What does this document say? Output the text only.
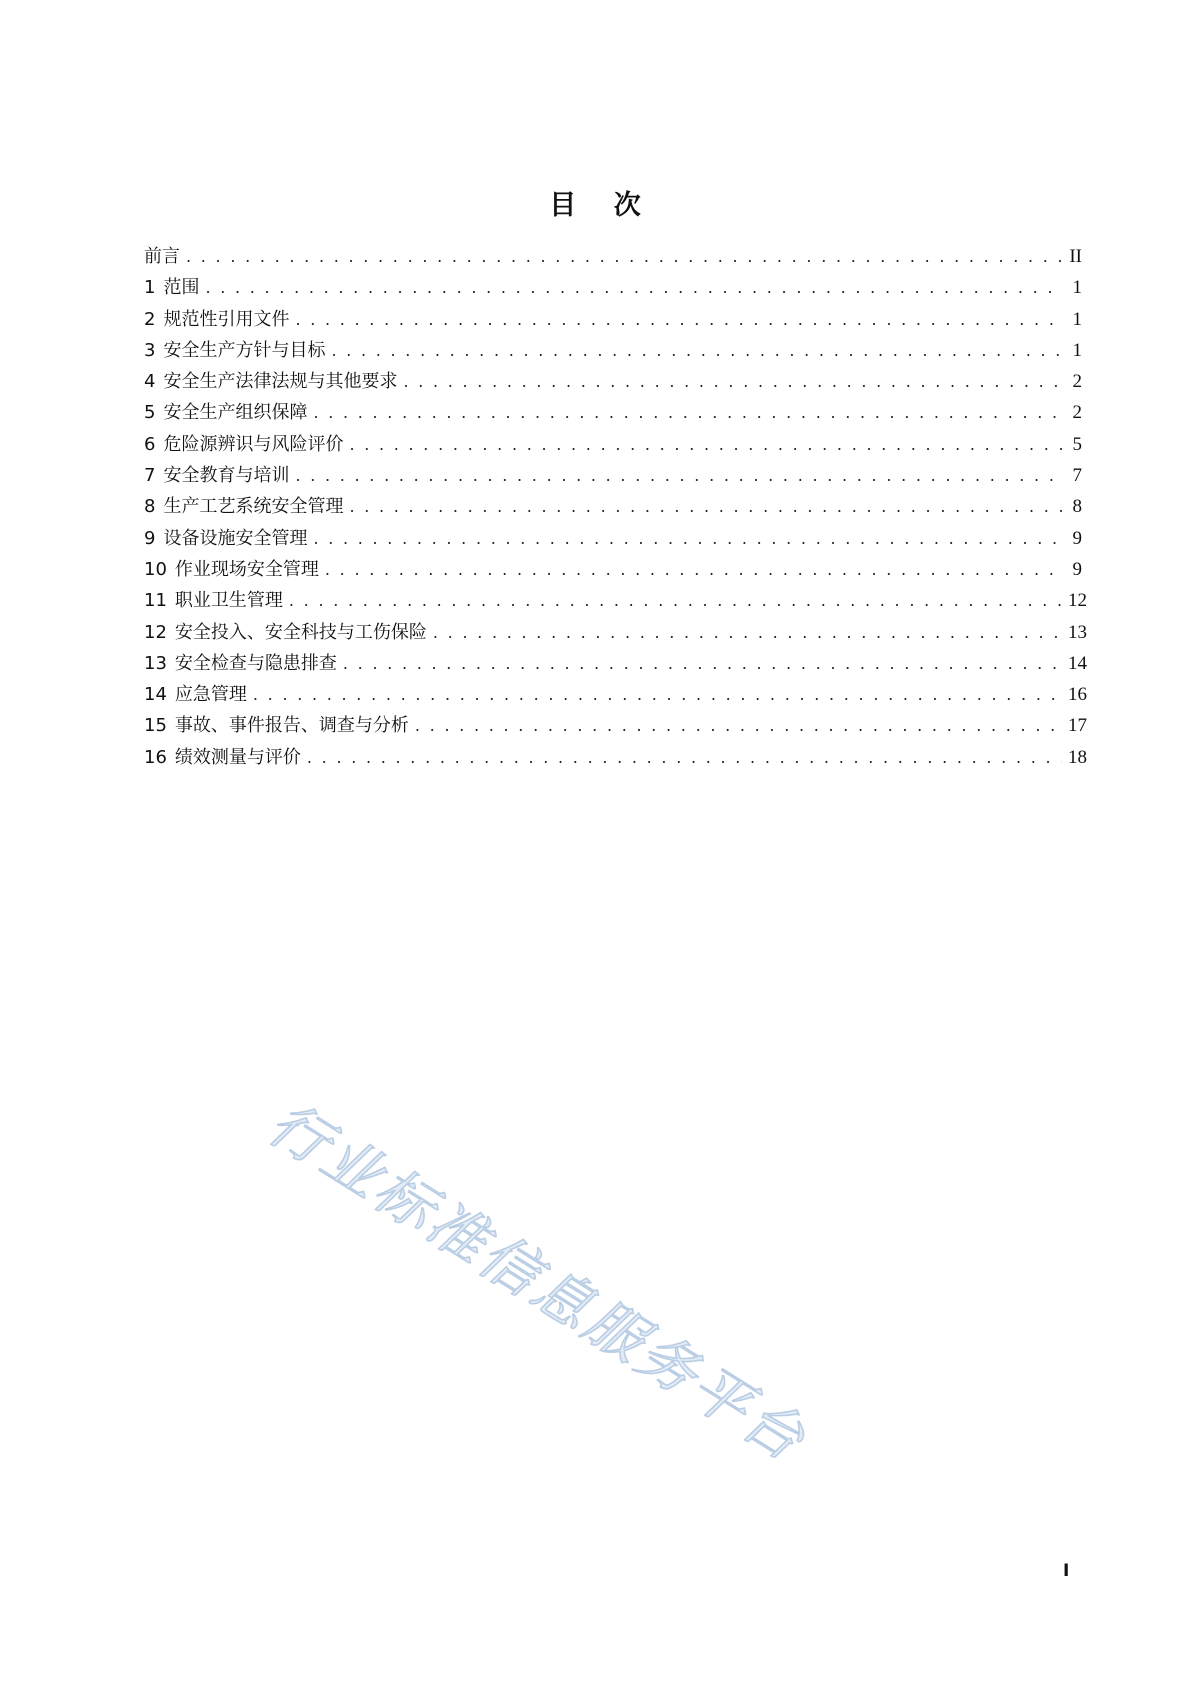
目 次
前言 . . .	II
1 范围 . . .	1
2 规范性引用文件 . . .	1
3 安全生产方针与目标 . . .	1
4 安全生产法律法规与其他要求 . . .	2
5 安全生产组织保障 . . .	2
6 危险源辨识与风险评价 . . .	5
7 安全教育与培训 . . .	7
8 生产工艺系统安全管理 . . .	8
9 设备设施安全管理 . . .	9
10 作业现场安全管理 . . .	9
11 职业卫生管理 . . .	12
12 安全投入、安全科技与工伤保险 . . .	13
13 安全检查与隐患排查 . . .	14
14 应急管理 . . .	16
15 事故、事件报告、调查与分析 . . .	17
16 绩效测量与评价 . . .	18
行业标准信息服务平台
I
